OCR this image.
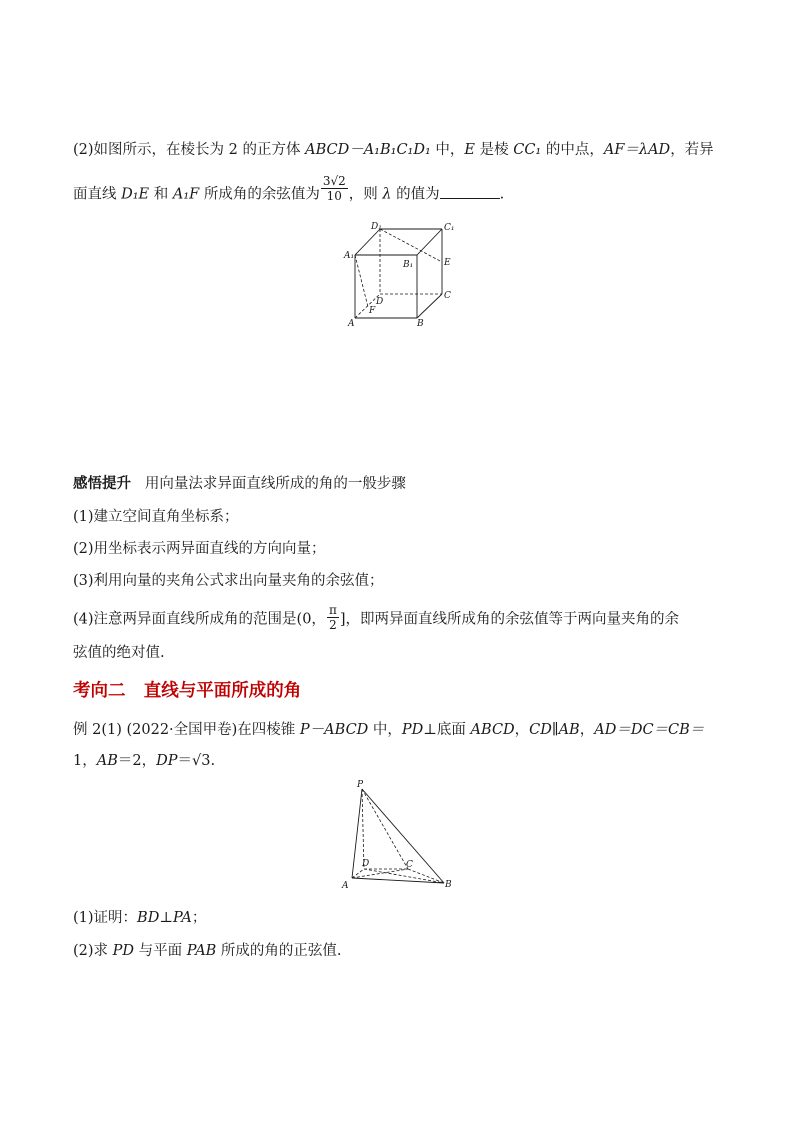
(2)如图所示，在棱长为 2 的正方体 ABCD－A₁B₁C₁D₁ 中，E 是棱 CC₁ 的中点，AF＝λAD，若异
面直线 D₁E 和 A₁F 所成角的余弦值为 $\frac{3√2}{10}$ ，则 λ 的值为	.
D₁	C₁
A₁
B₁	E
D
C
F
A	B
感悟提升 用向量法求异面直线所成的角的一般步骤
(1)建立空间直角坐标系；
(2)用坐标表示两异面直线的方向向量；
(3)利用向量的夹角公式求出向量夹角的余弦值；
(4)注意两异面直线所成角的范围是(0， $\frac{\pi}{2}$ ]，即两异面直线所成角的余弦值等于两向量夹角的余
弦值的绝对值.
考向二 直线与平面所成的角
例 2(1) (2022·全国甲卷)在四棱锥 P－ABCD 中，PD⊥底面 ABCD，CD∥AB，AD＝DC＝CB＝
1，AB＝2，DP＝√3.
P
D	C
A	B
(1)证明：BD⊥PA；
(2)求 PD 与平面 PAB 所成的角的正弦值.
